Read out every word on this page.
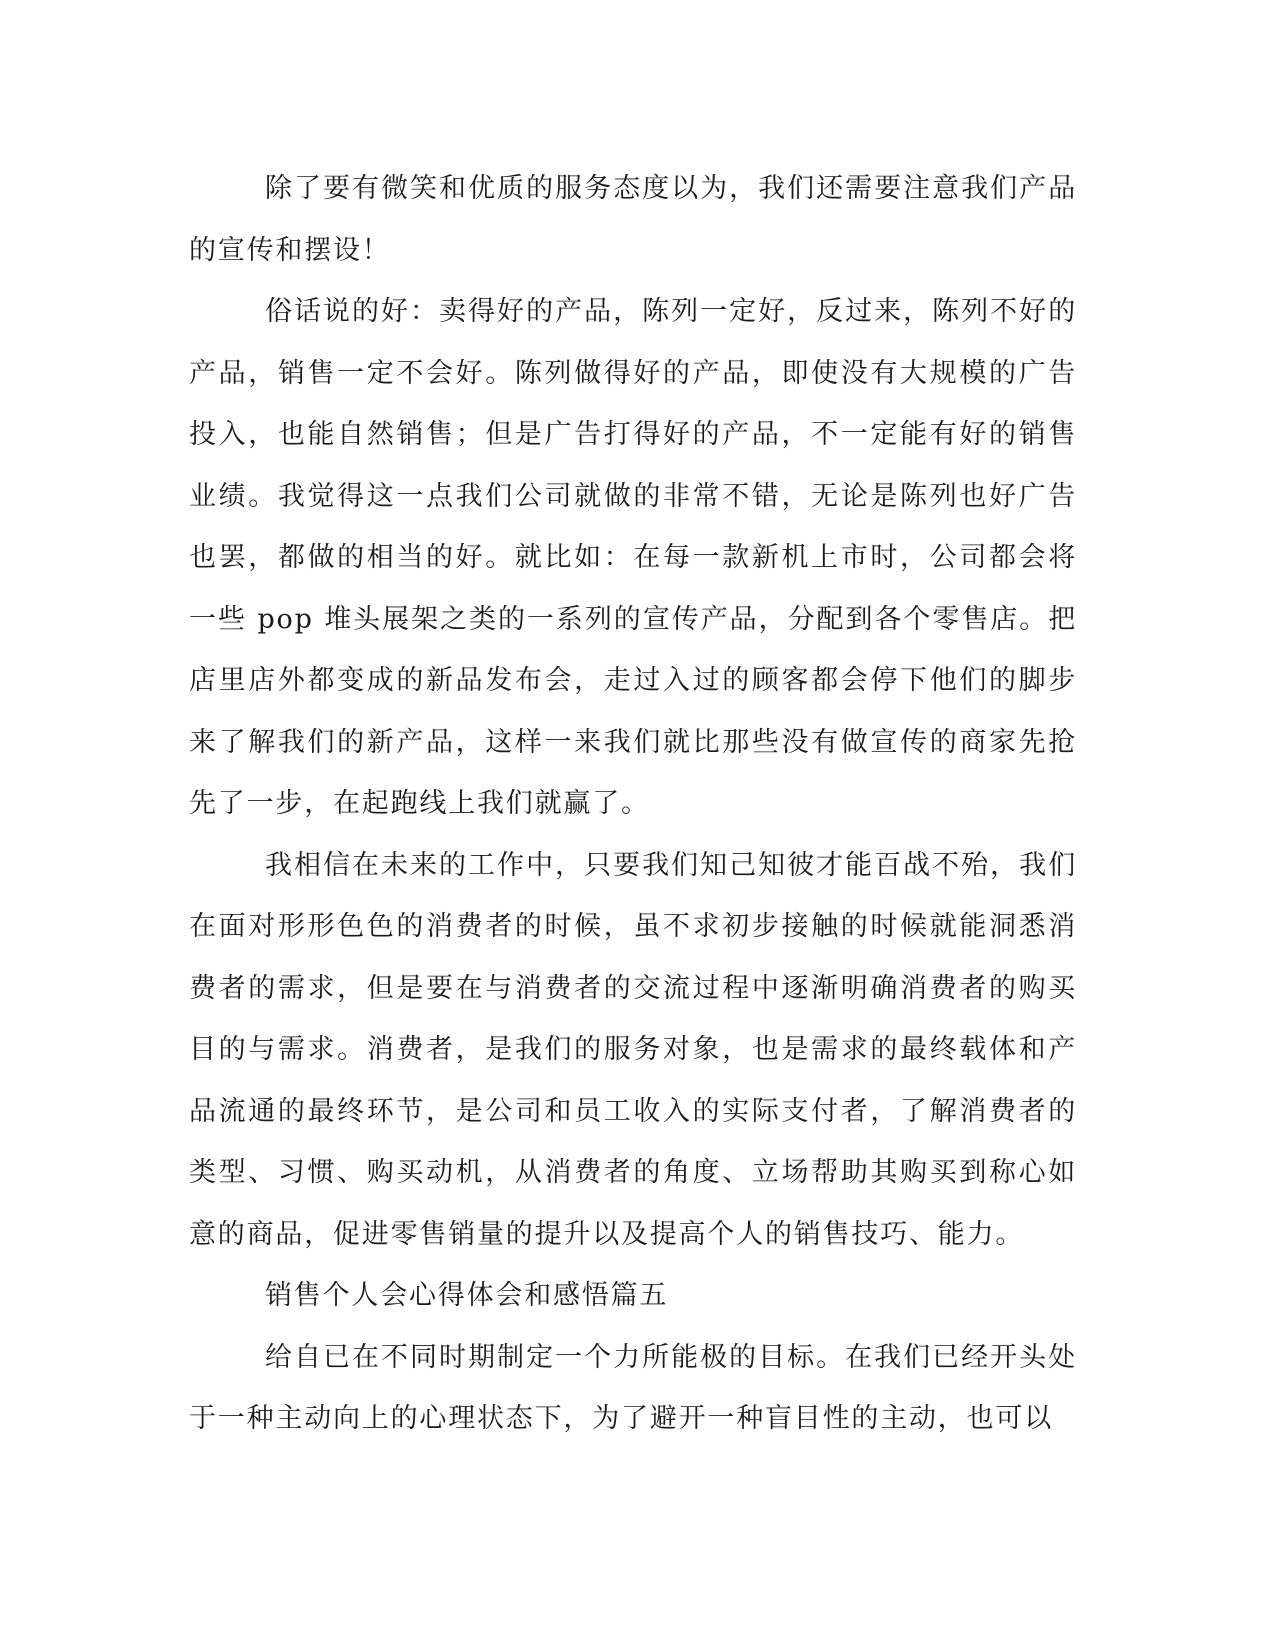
除了要有微笑和优质的服务态度以为，我们还需要注意我们产品的宣传和摆设！

俗话说的好：卖得好的产品，陈列一定好，反过来，陈列不好的产品，销售一定不会好。陈列做得好的产品，即使没有大规模的广告投入，也能自然销售；但是广告打得好的产品，不一定能有好的销售业绩。我觉得这一点我们公司就做的非常不错，无论是陈列也好广告也罢，都做的相当的好。就比如：在每一款新机上市时，公司都会将一些 pop 堆头展架之类的一系列的宣传产品，分配到各个零售店。把店里店外都变成的新品发布会，走过入过的顾客都会停下他们的脚步来了解我们的新产品，这样一来我们就比那些没有做宣传的商家先抢先了一步，在起跑线上我们就赢了。

我相信在未来的工作中，只要我们知己知彼才能百战不殆，我们在面对形形色色的消费者的时候，虽不求初步接触的时候就能洞悉消费者的需求，但是要在与消费者的交流过程中逐渐明确消费者的购买目的与需求。消费者，是我们的服务对象，也是需求的最终载体和产品流通的最终环节，是公司和员工收入的实际支付者，了解消费者的类型、习惯、购买动机，从消费者的角度、立场帮助其购买到称心如意的商品，促进零售销量的提升以及提高个人的销售技巧、能力。

销售个人会心得体会和感悟篇五

给自已在不同时期制定一个力所能极的目标。在我们已经开头处于一种主动向上的心理状态下，为了避开一种盲目性的主动，也可以
